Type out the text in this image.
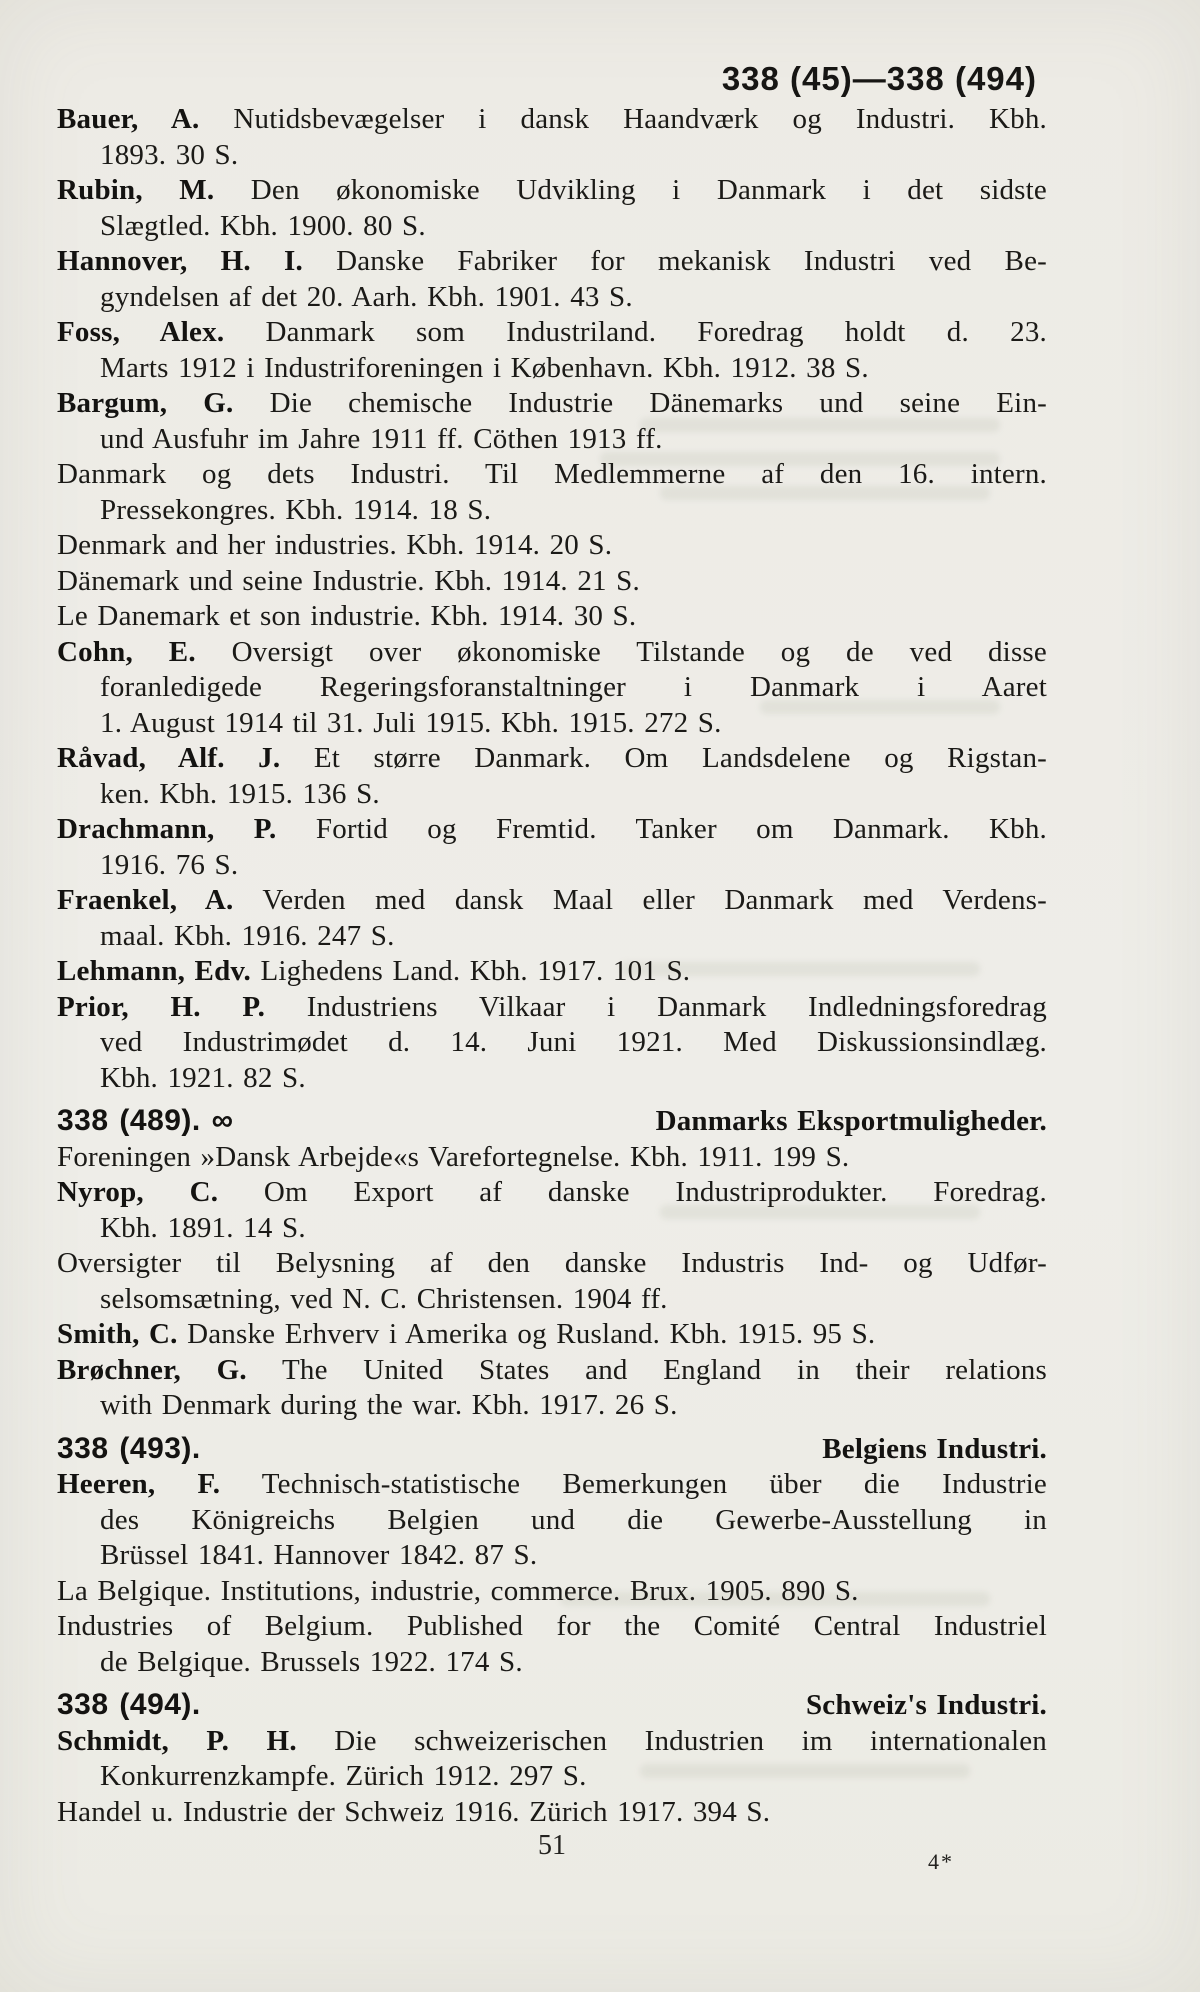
338 (45)—338 (494)
Bauer, A. Nutidsbevægelser i dansk Haandværk og Industri. Kbh.
1893. 30 S.
Rubin, M. Den økonomiske Udvikling i Danmark i det sidste
Slægtled. Kbh. 1900. 80 S.
Hannover, H. I. Danske Fabriker for mekanisk Industri ved Be-
gyndelsen af det 20. Aarh. Kbh. 1901. 43 S.
Foss, Alex. Danmark som Industriland. Foredrag holdt d. 23.
Marts 1912 i Industriforeningen i København. Kbh. 1912. 38 S.
Bargum, G. Die chemische Industrie Dänemarks und seine Ein-
und Ausfuhr im Jahre 1911 ff. Cöthen 1913 ff.
Danmark og dets Industri. Til Medlemmerne af den 16. intern.
Pressekongres. Kbh. 1914. 18 S.
Denmark and her industries. Kbh. 1914. 20 S.
Dänemark und seine Industrie. Kbh. 1914. 21 S.
Le Danemark et son industrie. Kbh. 1914. 30 S.
Cohn, E. Oversigt over økonomiske Tilstande og de ved disse
foranledigede Regeringsforanstaltninger i Danmark i Aaret
1. August 1914 til 31. Juli 1915. Kbh. 1915. 272 S.
Råvad, Alf. J. Et større Danmark. Om Landsdelene og Rigstan-
ken. Kbh. 1915. 136 S.
Drachmann, P. Fortid og Fremtid. Tanker om Danmark. Kbh.
1916. 76 S.
Fraenkel, A. Verden med dansk Maal eller Danmark med Verdens-
maal. Kbh. 1916. 247 S.
Lehmann, Edv. Lighedens Land. Kbh. 1917. 101 S.
Prior, H. P. Industriens Vilkaar i Danmark Indledningsforedrag
ved Industrimødet d. 14. Juni 1921. Med Diskussionsindlæg.
Kbh. 1921. 82 S.
338 (489). ∞	Danmarks Eksportmuligheder.
Foreningen »Dansk Arbejde«s Varefortegnelse. Kbh. 1911. 199 S.
Nyrop, C. Om Export af danske Industriprodukter. Foredrag.
Kbh. 1891. 14 S.
Oversigter til Belysning af den danske Industris Ind- og Udfør-
selsomsætning, ved N. C. Christensen. 1904 ff.
Smith, C. Danske Erhverv i Amerika og Rusland. Kbh. 1915. 95 S.
Brøchner, G. The United States and England in their relations
with Denmark during the war. Kbh. 1917. 26 S.
338 (493).	Belgiens Industri.
Heeren, F. Technisch-statistische Bemerkungen über die Industrie
des Königreichs Belgien und die Gewerbe-Ausstellung in
Brüssel 1841. Hannover 1842. 87 S.
La Belgique. Institutions, industrie, commerce. Brux. 1905. 890 S.
Industries of Belgium. Published for the Comité Central Industriel
de Belgique. Brussels 1922. 174 S.
338 (494).	Schweiz's Industri.
Schmidt, P. H. Die schweizerischen Industrien im internationalen
Konkurrenzkampfe. Zürich 1912. 297 S.
Handel u. Industrie der Schweiz 1916. Zürich 1917. 394 S.
51
4*
